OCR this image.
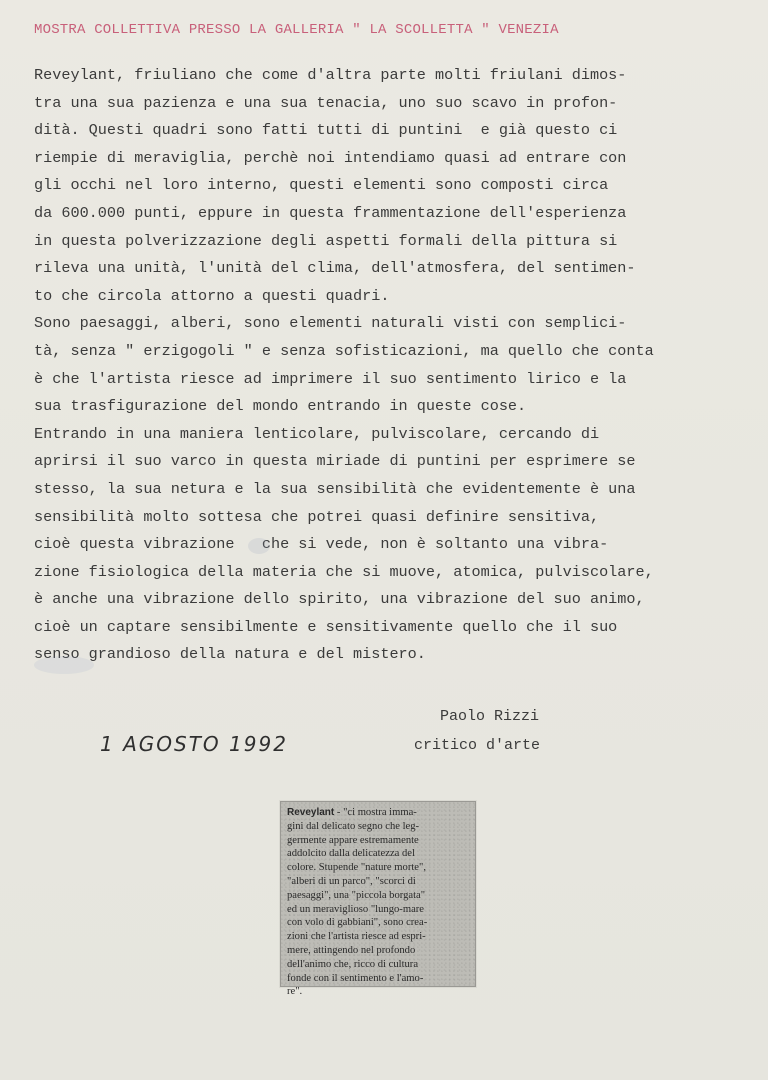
MOSTRA COLLETTIVA PRESSO LA GALLERIA " LA SCOLLETTA " VENEZIA
Reveylant, friuliano che come d'altra parte molti friulani dimos-
tra una sua pazienza e una sua tenacia, uno suo scavo in profon-
dità. Questi quadri sono fatti tutti di puntini  e già questo ci
riempie di meraviglia, perchè noi intendiamo quasi ad entrare con
gli occhi nel loro interno, questi elementi sono composti circa
da 600.000 punti, eppure in questa frammentazione dell'esperienza
in questa polverizzazione degli aspetti formali della pittura si
rileva una unità, l'unità del clima, dell'atmosfera, del sentimen-
to che circola attorno a questi quadri.
Sono paesaggi, alberi, sono elementi naturali visti con semplici-
tà, senza " erzigogoli " e senza sofisticazioni, ma quello che conta
è che l'artista riesce ad imprimere il suo sentimento lirico e la
sua trasfigurazione del mondo entrando in queste cose.
Entrando in una maniera lenticolare, pulviscolare, cercando di
aprirsi il suo varco in questa miriade di puntini per esprimere se
stesso, la sua netura e la sua sensibilità che evidentemente è una
sensibilità molto sottesa che potrei quasi definire sensitiva,
cioè questa vibrazione   che si vede, non è soltanto una vibra-
zione fisiologica della materia che si muove, atomica, pulviscolare,
è anche una vibrazione dello spirito, una vibrazione del suo animo,
cioè un captare sensibilmente e sensitivamente quello che il suo
senso grandioso della natura e del mistero.
Paolo Rizzi
critico d'arte
1 AGOSTO 1992
Reveylant - "ci mostra imma-
gini dal delicato segno che leg-
germente appare estremamente
addolcito dalla delicatezza del
colore. Stupende "nature morte",
"alberi di un parco", "scorci di
paesaggi", una "piccola borgata"
ed un meraviglioso "lungo-mare
con volo di gabbiani", sono crea-
zioni che l'artista riesce ad espri-
mere, attingendo nel profondo
dell'animo che, ricco di cultura
fonde con il sentimento e l'amo-
re".
